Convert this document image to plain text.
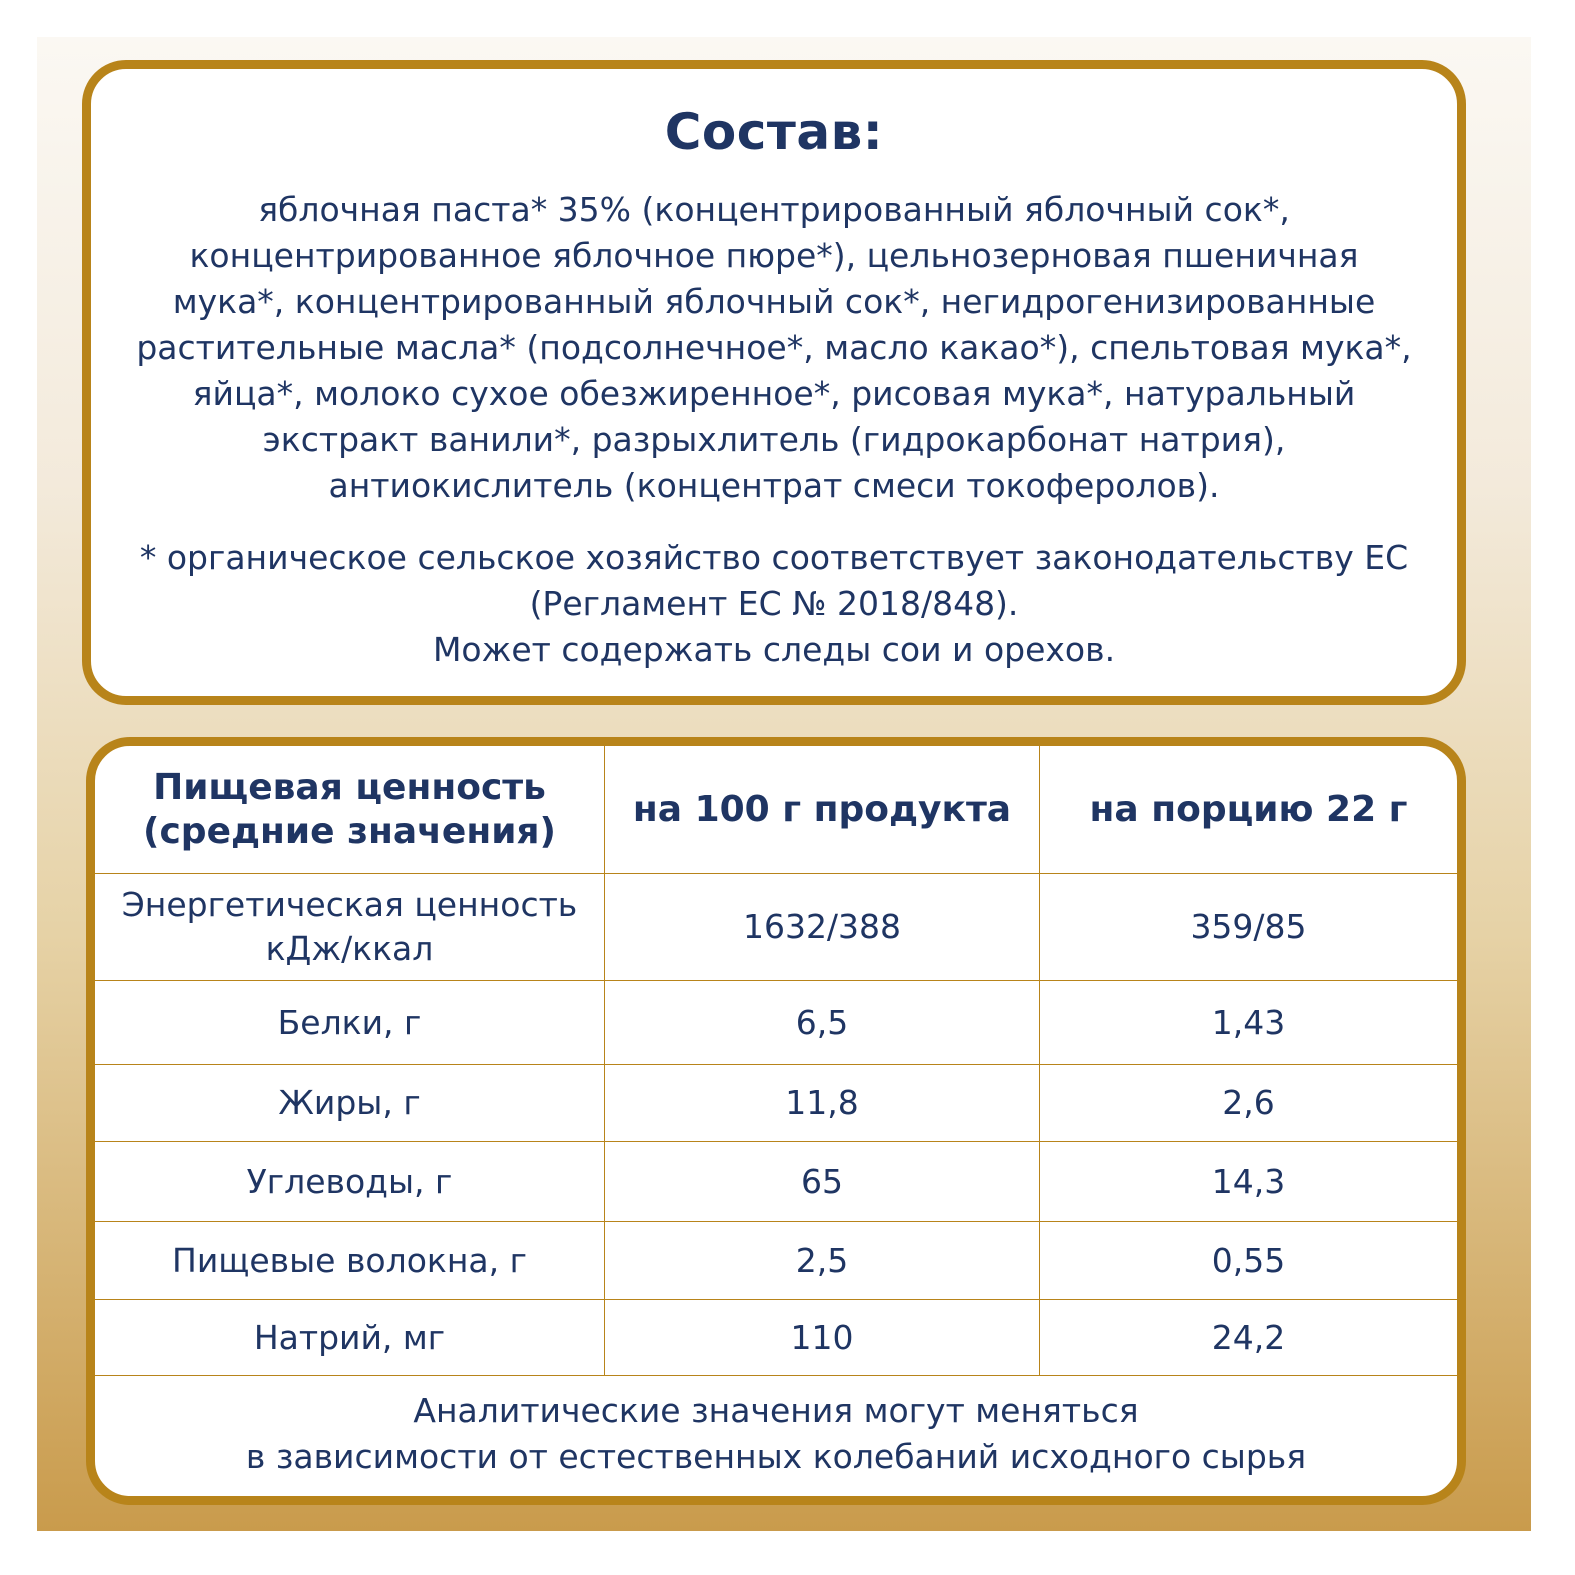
Состав:
яблочная паста* 35% (концентрированный яблочный сок*,
концентрированное яблочное пюре*), цельнозерновая пшеничная
мука*, концентрированный яблочный сок*, негидрогенизированные
растительные масла* (подсолнечное*, масло какао*), спельтовая мука*,
яйца*, молоко сухое обезжиренное*, рисовая мука*, натуральный
экстракт ванили*, разрыхлитель (гидрокарбонат натрия),
антиокислитель (концентрат смеси токоферолов).
* органическое сельское хозяйство соответствует законодательству ЕС
(Регламент ЕС № 2018/848).
Может содержать следы сои и орехов.
Пищевая ценность
(средние значения)	на 100 г продукта	на порцию 22 г

Энергетическая ценность
кДж/ккал	1632/388	359/85
Белки, г	6,5	1,43
Жиры, г	11,8	2,6
Углеводы, г	65	14,3
Пищевые волокна, г	2,5	0,55
Натрий, мг	110	24,2
Аналитические значения могут меняться
в зависимости от естественных колебаний исходного сырья
